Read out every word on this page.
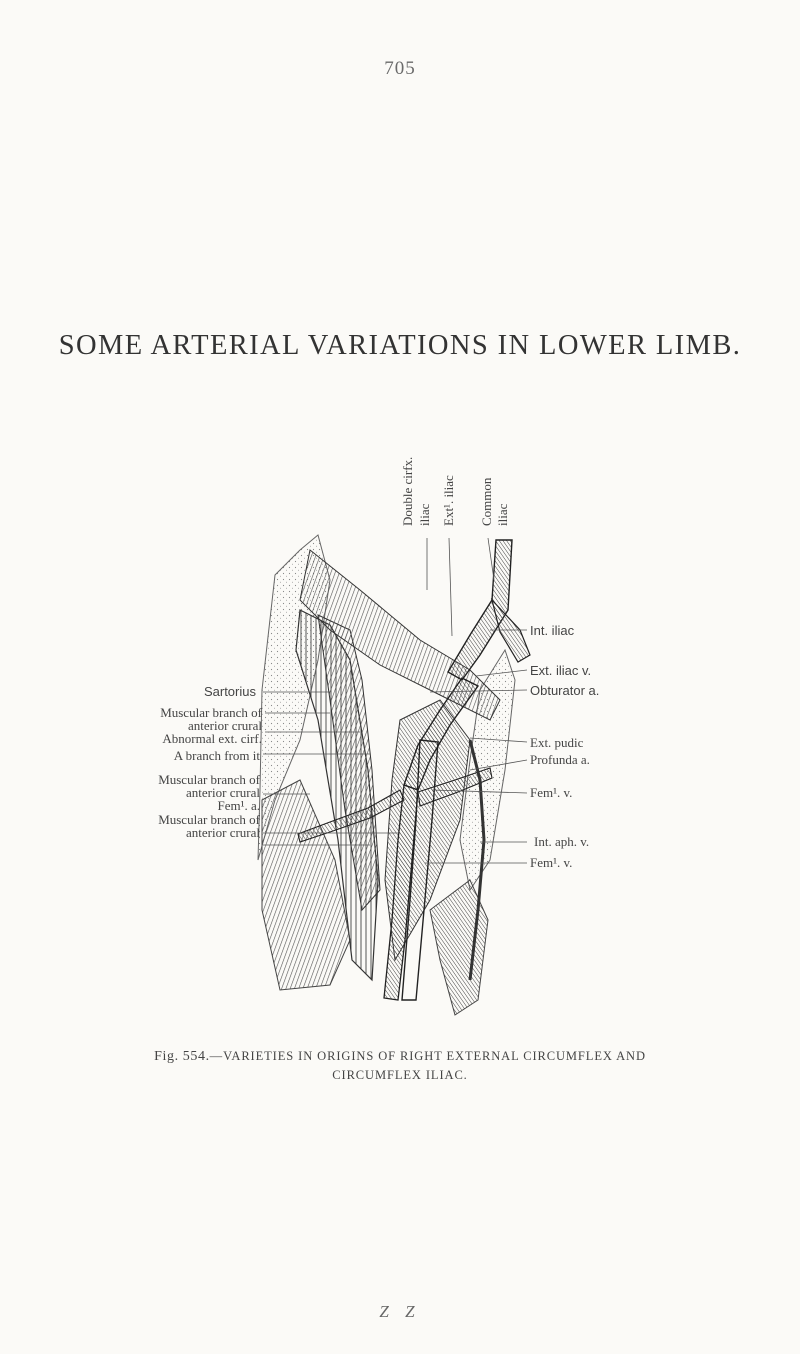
705
SOME ARTERIAL VARIATIONS IN LOWER LIMB.
Double cirfx. iliac Ext¹. iliac Common iliac
Sartorius
Muscular branch of
anterior crural
Abnormal ext. cirf.
A branch from it
Muscular branch of
anterior crural
Fem¹. a.
Muscular branch of
anterior crural
Int. iliac
Ext. iliac v.
Obturator a.
Ext. pudic
Profunda a.
Fem¹. v.
Int. aph. v.
Fem¹. v.
Fig. 554.—VARIETIES IN ORIGINS OF RIGHT EXTERNAL CIRCUMFLEX AND
CIRCUMFLEX ILIAC.
Z Z
